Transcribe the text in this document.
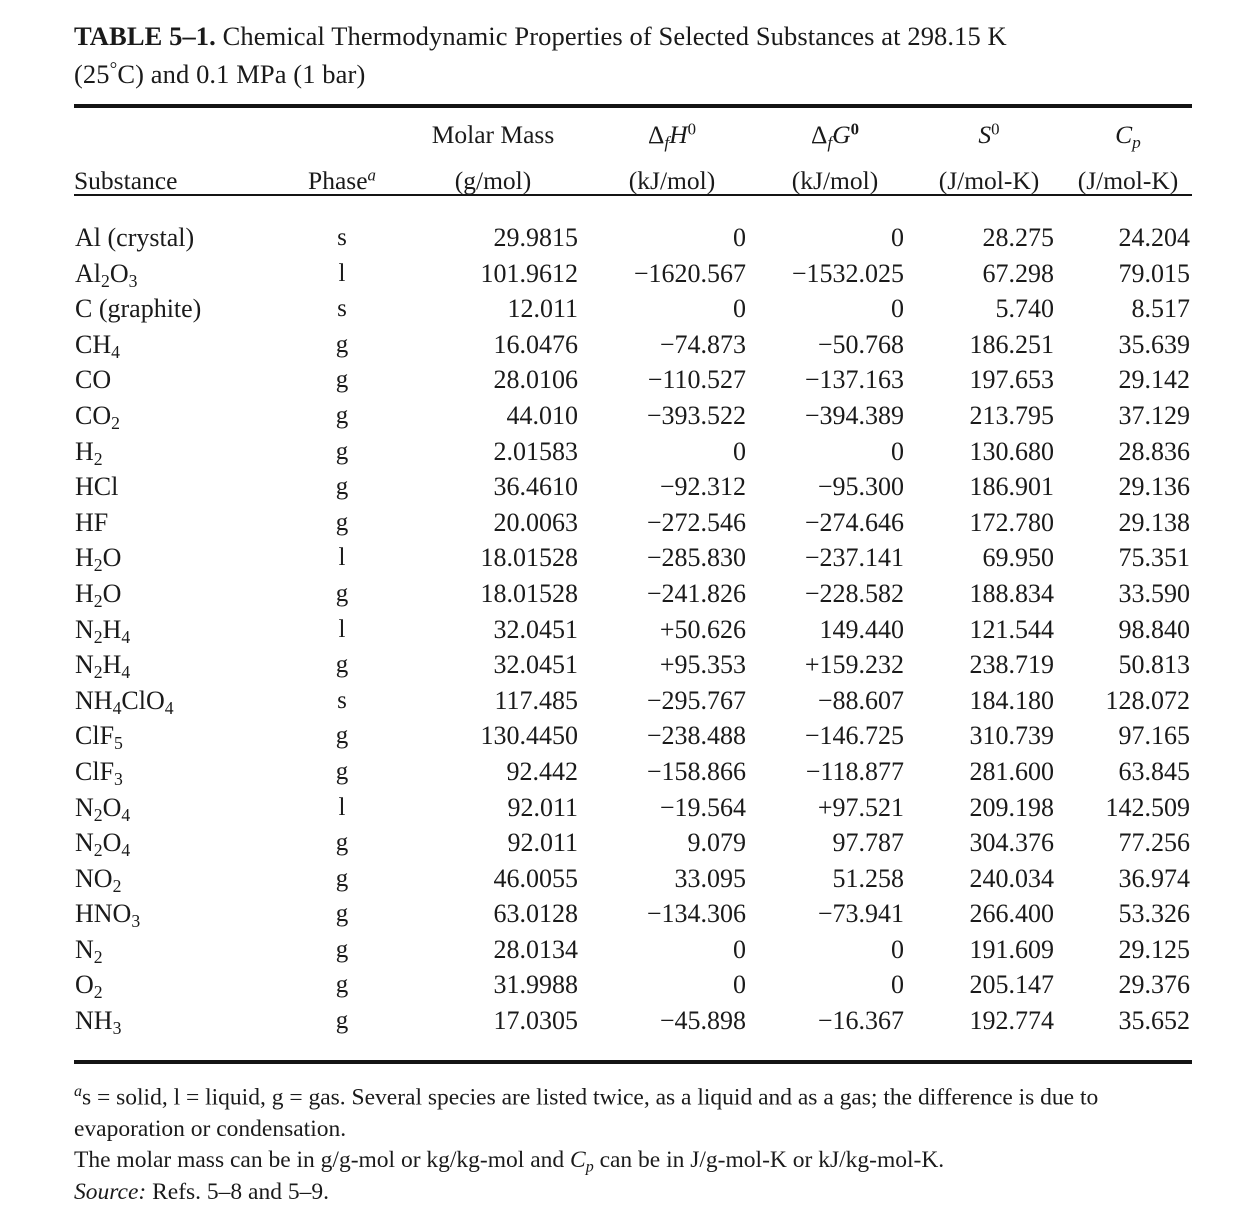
TABLE 5–1. Chemical Thermodynamic Properties of Selected Substances at 298.15 K
(25°C) and 0.1 MPa (1 bar)

		Molar Mass	$\Delta_fH^0$	$\Delta_fG^0$	$S^0$	$C_p$
Substance	Phase$^a$	(g/mol)	(kJ/mol)	(kJ/mol)	(J/mol-K)	(J/mol-K)
Al (crystal)	s	29.9815	0	0	28.275	24.204
$Al_2O_3$	l	101.9612	−1620.567	−1532.025	67.298	79.015
C (graphite)	s	12.011	0	0	5.740	8.517
$CH_4$	g	16.0476	−74.873	−50.768	186.251	35.639
CO	g	28.0106	−110.527	−137.163	197.653	29.142
$CO_2$	g	44.010	−393.522	−394.389	213.795	37.129
$H_2$	g	2.01583	0	0	130.680	28.836
HCl	g	36.4610	−92.312	−95.300	186.901	29.136
HF	g	20.0063	−272.546	−274.646	172.780	29.138
$H_2O$	l	18.01528	−285.830	−237.141	69.950	75.351
$H_2O$	g	18.01528	−241.826	−228.582	188.834	33.590
$N_2H_4$	l	32.0451	+50.626	149.440	121.544	98.840
$N_2H_4$	g	32.0451	+95.353	+159.232	238.719	50.813
$NH_4ClO_4$	s	117.485	−295.767	−88.607	184.180	128.072
ClF$_5$	g	130.4450	−238.488	−146.725	310.739	97.165
ClF$_3$	g	92.442	−158.866	−118.877	281.600	63.845
$N_2O_4$	l	92.011	−19.564	+97.521	209.198	142.509
$N_2O_4$	g	92.011	9.079	97.787	304.376	77.256
$NO_2$	g	46.0055	33.095	51.258	240.034	36.974
$HNO_3$	g	63.0128	−134.306	−73.941	266.400	53.326
$N_2$	g	28.0134	0	0	191.609	29.125
$O_2$	g	31.9988	0	0	205.147	29.376
$NH_3$	g	17.0305	−45.898	−16.367	192.774	35.652

$^a$s = solid, l = liquid, g = gas. Several species are listed twice, as a liquid and as a gas; the difference is due to evaporation or condensation.

The molar mass can be in g/g-mol or kg/kg-mol and $C_p$ can be in J/g-mol-K or kJ/kg-mol-K.

Source: Refs. 5–8 and 5–9.
